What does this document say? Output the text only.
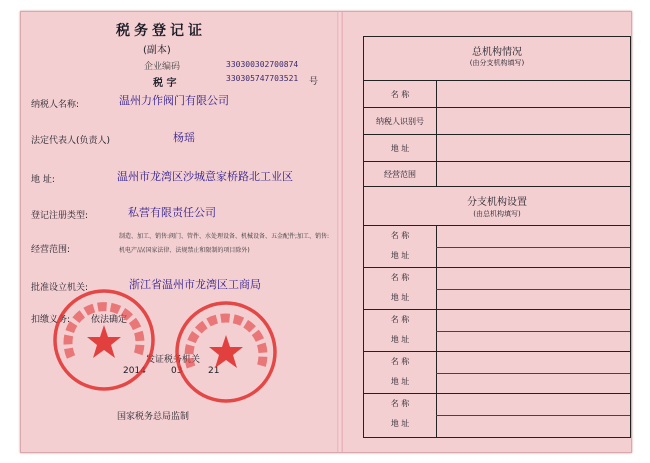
税务登记证
(副本)
企业编码	330300302700874
税 字	330305747703521 号
纳税人名称:	温州力作阀门有限公司
法定代表人(负责人)	杨瑶
地 址:	温州市龙湾区沙城意家桥路北工业区
登记注册类型:	私营有限责任公司
经营范围:
制造、加工、销售:阀门、管件、水处理设备、机械设备、五金配件;加工、销售:
机电产品(国家法律、法规禁止和限制的项目除外)
批准设立机关:	浙江省温州市龙湾区工商局
扣缴义务: 依法确定
发证税务机关
2014	03	21
国家税务总局监制
总机构情况
(由分支机构填写)
名 称
纳税人识别号
地 址
经营范围
分支机构设置
(由总机构填写)
名 称
地 址
名 称
地 址
名 称
地 址
名 称
地 址
名 称
地 址
